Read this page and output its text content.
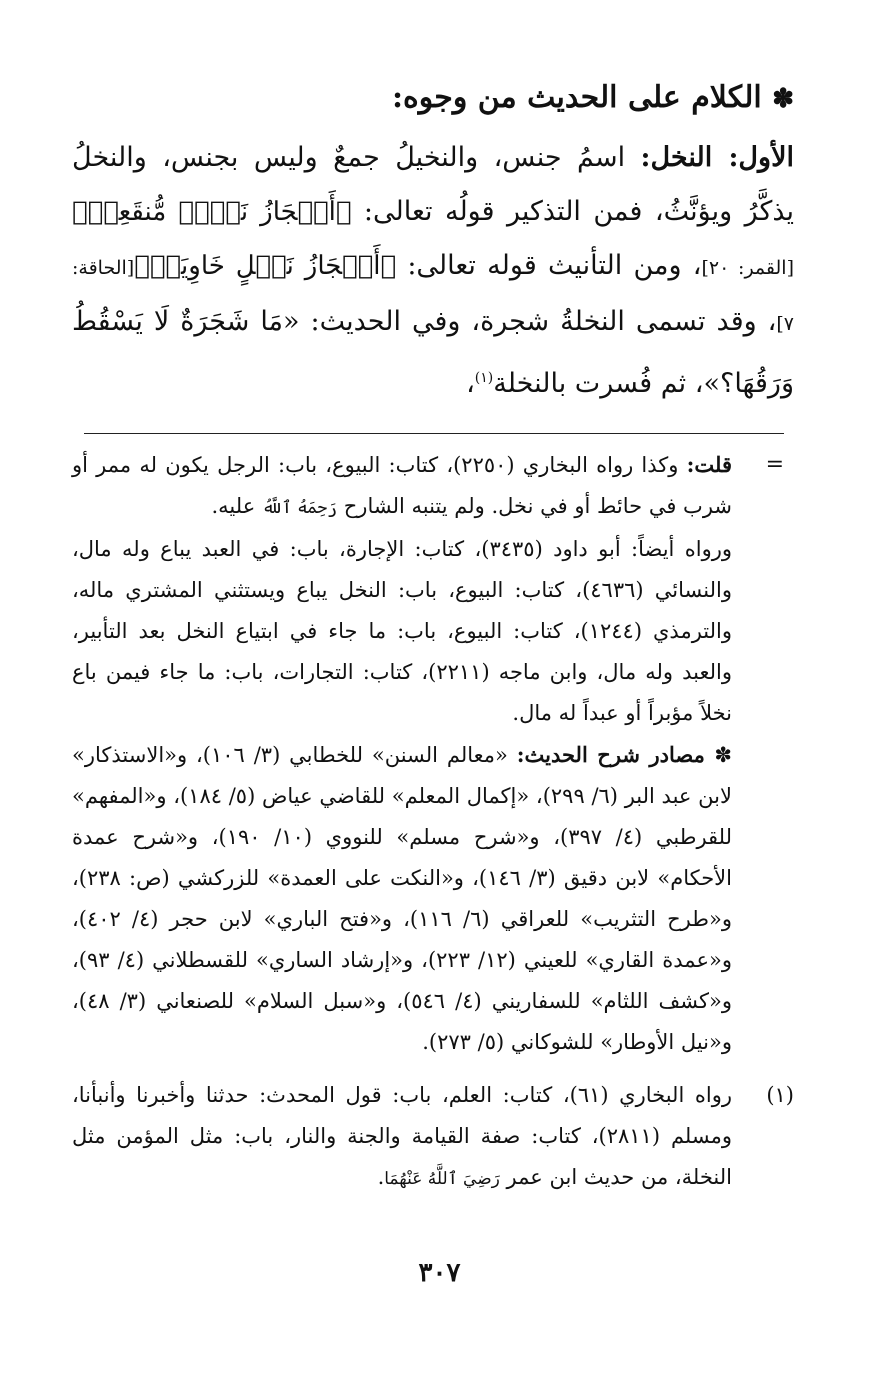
✽ الكلام على الحديث من وجوه:

الأول: النخل: اسمُ جنس، والنخيلُ جمعٌ وليس بجنس، والنخلُ يذكَّرُ ويؤنَّثُ، فمن التذكير قولُه تعالى: ﴿أَعۡجَازُ نَخۡلٖ مُّنقَعِرٖ﴾[القمر: ٢٠]، ومن التأنيث قوله تعالى: ﴿أَعۡجَازُ نَخۡلٍ خَاوِيَةٖ﴾[الحاقة: ٧]، وقد تسمى النخلةُ شجرة، وفي الحديث: «مَا شَجَرَةٌ لَا يَسْقُطُ وَرَقُهَا؟»، ثم فُسرت بالنخلة$^{(١)}$،

=
قلت: وكذا رواه البخاري (٢٢٥٠)، كتاب: البيوع، باب: الرجل يكون له ممر أو شرب في حائط أو في نخل. ولم يتنبه الشارح رَحِمَهُ ٱللَّهُ عليه.

ورواه أيضاً: أبو داود (٣٤٣٥)، كتاب: الإجارة، باب: في العبد يباع وله مال، والنسائي (٤٦٣٦)، كتاب: البيوع، باب: النخل يباع ويستثني المشتري ماله، والترمذي (١٢٤٤)، كتاب: البيوع، باب: ما جاء في ابتياع النخل بعد التأبير، والعبد وله مال، وابن ماجه (٢٢١١)، كتاب: التجارات، باب: ما جاء فيمن باع نخلاً مؤبراً أو عبداً له مال.

✽ مصادر شرح الحديث: «معالم السنن» للخطابي (٣/ ١٠٦)، و«الاستذكار» لابن عبد البر (٦/ ٢٩٩)، «إكمال المعلم» للقاضي عياض (٥/ ١٨٤)، و«المفهم» للقرطبي (٤/ ٣٩٧)، و«شرح مسلم» للنووي (١٠/ ١٩٠)، و«شرح عمدة الأحكام» لابن دقيق (٣/ ١٤٦)، و«النكت على العمدة» للزركشي (ص: ٢٣٨)، و«طرح التثريب» للعراقي (٦/ ١١٦)، و«فتح الباري» لابن حجر (٤/ ٤٠٢)، و«عمدة القاري» للعيني (١٢/ ٢٢٣)، و«إرشاد الساري» للقسطلاني (٤/ ٩٣)، و«كشف اللثام» للسفاريني (٤/ ٥٤٦)، و«سبل السلام» للصنعاني (٣/ ٤٨)، و«نيل الأوطار» للشوكاني (٥/ ٢٧٣).

(١)
رواه البخاري (٦١)، كتاب: العلم، باب: قول المحدث: حدثنا وأخبرنا وأنبأنا، ومسلم (٢٨١١)، كتاب: صفة القيامة والجنة والنار، باب: مثل المؤمن مثل النخلة، من حديث ابن عمر رَضِيَ ٱللَّهُ عَنْهُمَا.
٣٠٧
